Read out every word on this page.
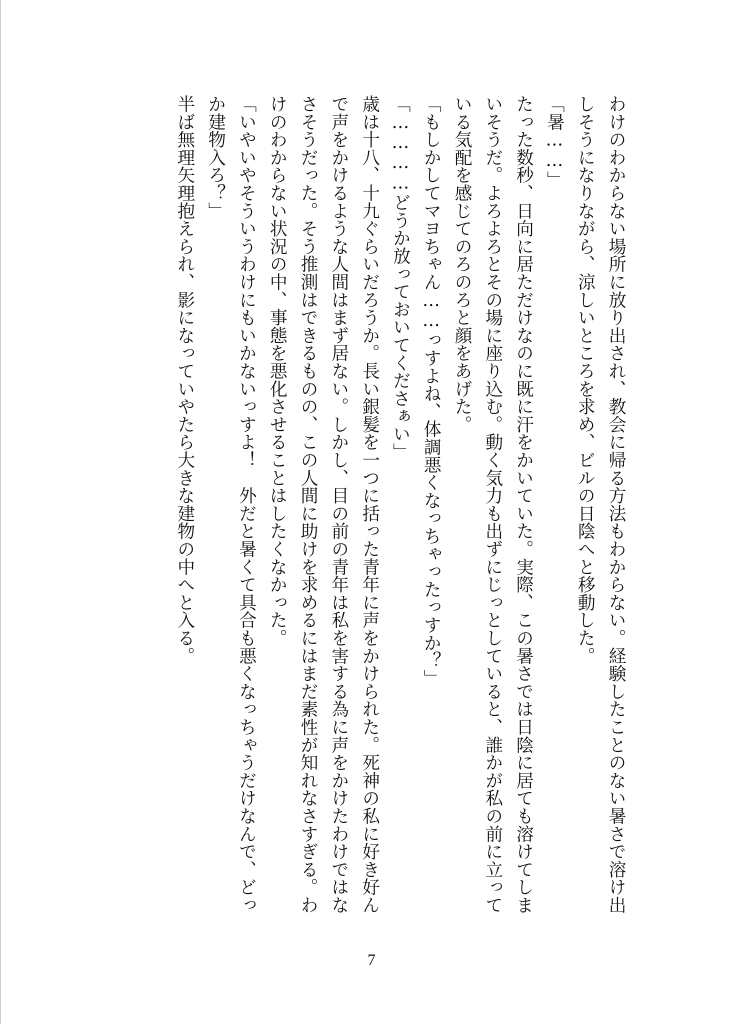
わけのわからない場所に放り出され、教会に帰る方法もわからない。経験したことのない暑さで溶け出しそうになりながら、涼しいところを求め、ビルの日陰へと移動した。

「暑……」

たった数秒、日向に居ただけなのに既に汗をかいていた。実際、この暑さでは日陰に居ても溶けてしまいそうだ。よろよろとその場に座り込む。動く気力も出ずにじっとしていると、誰かが私の前に立っている気配を感じてのろのろと顔をあげた。

「もしかしてマヨちゃん……っすよね、体調悪くなっちゃったっすか？」

「…………どうか放っておいてくださぁい」

歳は十八、十九ぐらいだろうか。長い銀髪を一つに括った青年に声をかけられた。死神の私に好き好んで声をかけるような人間はまず居ない。しかし、目の前の青年は私を害する為に声をかけたわけではなさそうだった。そう推測はできるものの、この人間に助けを求めるにはまだ素性が知れなさすぎる。わけのわからない状況の中、事態を悪化させることはしたくなかった。

「いやいやそういうわけにもいかないっすよ！　外だと暑くて具合も悪くなっちゃうだけなんで、どっか建物入ろ？」

半ば無理矢理抱えられ、影になっていやたら大きな建物の中へと入る。

7
